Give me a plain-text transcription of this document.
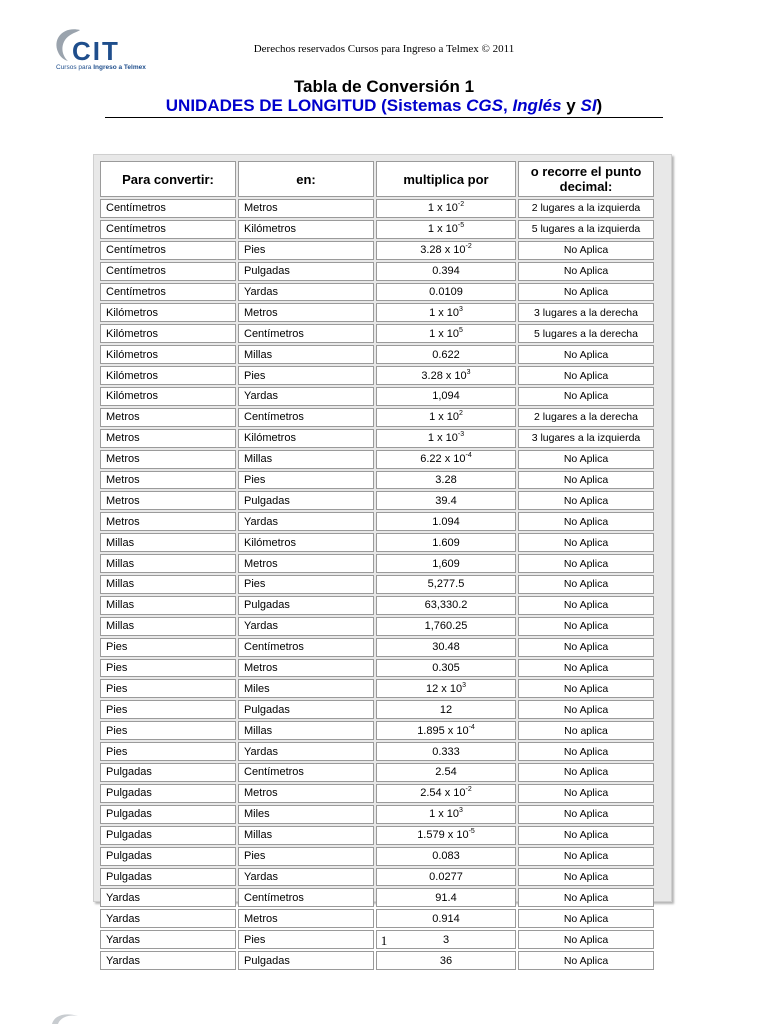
CIT
Cursos para Ingreso a Telmex
Derechos reservados Cursos para Ingreso a Telmex © 2011
Tabla de Conversión 1
UNIDADES DE LONGITUD (Sistemas CGS, Inglés y SI)
Para convertir:	en:	multiplica por	o recorre el punto decimal:
Centímetros	Metros	1 x $10^{-2}$	2 lugares a la izquierda
Centímetros	Kilómetros	1 x $10^{-5}$	5 lugares a la izquierda
Centímetros	Pies	3.28 x $10^{-2}$	No Aplica
Centímetros	Pulgadas	0.394	No Aplica
Centímetros	Yardas	0.0109	No Aplica
Kilómetros	Metros	1 x $10^3$	3 lugares a la derecha
Kilómetros	Centímetros	1 x $10^5$	5 lugares a la derecha
Kilómetros	Millas	0.622	No Aplica
Kilómetros	Pies	3.28 x $10^3$	No Aplica
Kilómetros	Yardas	1,094	No Aplica
Metros	Centímetros	1 x $10^2$	2 lugares a la derecha
Metros	Kilómetros	1 x $10^{-3}$	3 lugares a la izquierda
Metros	Millas	6.22 x $10^{-4}$	No Aplica
Metros	Pies	3.28	No Aplica
Metros	Pulgadas	39.4	No Aplica
Metros	Yardas	1.094	No Aplica
Millas	Kilómetros	1.609	No Aplica
Millas	Metros	1,609	No Aplica
Millas	Pies	5,277.5	No Aplica
Millas	Pulgadas	63,330.2	No Aplica
Millas	Yardas	1,760.25	No Aplica
Pies	Centímetros	30.48	No Aplica
Pies	Metros	0.305	No Aplica
Pies	Miles	12 x $10^3$	No Aplica
Pies	Pulgadas	12	No Aplica
Pies	Millas	1.895 x $10^{-4}$	No aplica
Pies	Yardas	0.333	No Aplica
Pulgadas	Centímetros	2.54	No Aplica
Pulgadas	Metros	2.54 x $10^{-2}$	No Aplica
Pulgadas	Miles	1 x $10^3$	No Aplica
Pulgadas	Millas	1.579 x $10^{-5}$	No Aplica
Pulgadas	Pies	0.083	No Aplica
Pulgadas	Yardas	0.0277	No Aplica
Yardas	Centímetros	91.4	No Aplica
Yardas	Metros	0.914	No Aplica
Yardas	Pies	3	No Aplica
Yardas	Pulgadas	36	No Aplica
1
